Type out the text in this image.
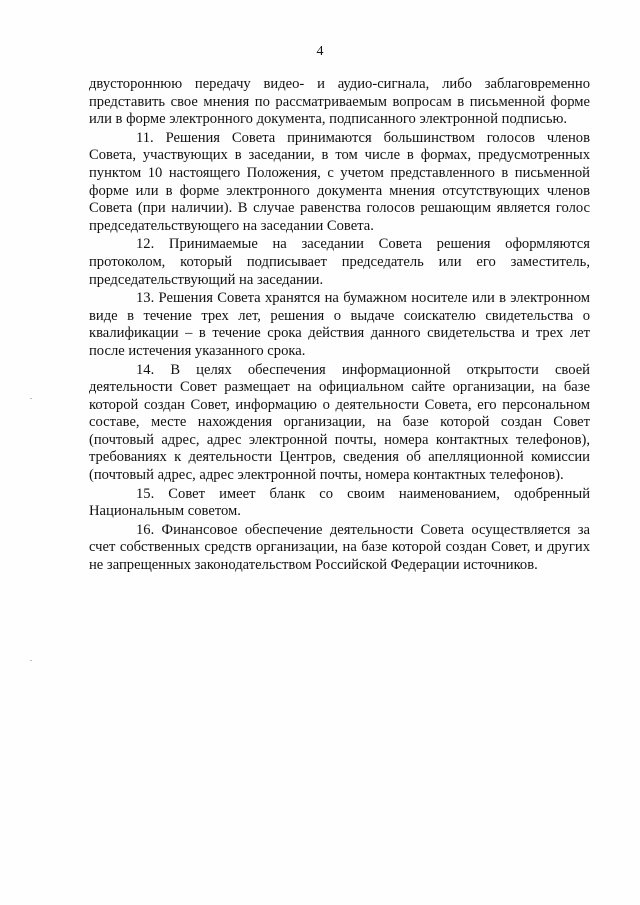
4

двустороннюю передачу видео- и аудио-сигнала, либо заблаговременно представить свое мнения по рассматриваемым вопросам в письменной форме или в форме электронного документа, подписанного электронной подписью.

11. Решения Совета принимаются большинством голосов членов Совета, участвующих в заседании, в том числе в формах, предусмотренных пунктом 10 настоящего Положения, с учетом представленного в письменной форме или в форме электронного документа мнения отсутствующих членов Совета (при наличии). В случае равенства голосов решающим является голос председательствующего на заседании Совета.

12. Принимаемые на заседании Совета решения оформляются протоколом, который подписывает председатель или его заместитель, председательствующий на заседании.

13. Решения Совета хранятся на бумажном носителе или в электронном виде в течение трех лет, решения о выдаче соискателю свидетельства о квалификации – в течение срока действия данного свидетельства и трех лет после истечения указанного срока.

14. В целях обеспечения информационной открытости своей деятельности Совет размещает на официальном сайте организации, на базе которой создан Совет, информацию о деятельности Совета, его персональном составе, месте нахождения организации, на базе которой создан Совет (почтовый адрес, адрес электронной почты, номера контактных телефонов), требованиях к деятельности Центров, сведения об апелляционной комиссии (почтовый адрес, адрес электронной почты, номера контактных телефонов).

15. Совет имеет бланк со своим наименованием, одобренный Национальным советом.

16. Финансовое обеспечение деятельности Совета осуществляется за счет собственных средств организации, на базе которой создан Совет, и других не запрещенных законодательством Российской Федерации источников.
